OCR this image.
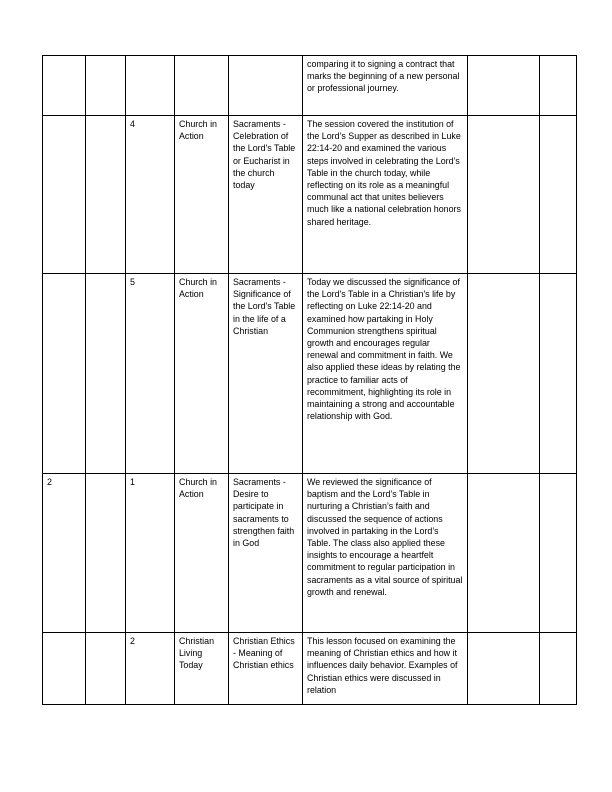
					comparing it to signing a contract that marks the beginning of a new personal or professional journey.		
		4	Church in Action	Sacraments - Celebration of the Lord's Table or Eucharist in the church today	The session covered the institution of the Lord’s Supper as described in Luke 22:14-20 and examined the various steps involved in celebrating the Lord’s Table in the church today, while reflecting on its role as a meaningful communal act that unites believers much like a national celebration honors shared heritage.		
		5	Church in Action	Sacraments - Significance of the Lord's Table in the life of a Christian	Today we discussed the significance of the Lord's Table in a Christian's life by reflecting on Luke 22:14-20 and examined how partaking in Holy Communion strengthens spiritual growth and encourages regular renewal and commitment in faith. We also applied these ideas by relating the practice to familiar acts of recommitment, highlighting its role in maintaining a strong and accountable relationship with God.		
2		1	Church in Action	Sacraments - Desire to participate in sacraments to strengthen faith in God	We reviewed the significance of baptism and the Lord’s Table in nurturing a Christian’s faith and discussed the sequence of actions involved in partaking in the Lord’s Table. The class also applied these insights to encourage a heartfelt commitment to regular participation in sacraments as a vital source of spiritual growth and renewal.		
		2	Christian Living Today	Christian Ethics - Meaning of Christian ethics	This lesson focused on examining the meaning of Christian ethics and how it influences daily behavior. Examples of Christian ethics were discussed in relation		
